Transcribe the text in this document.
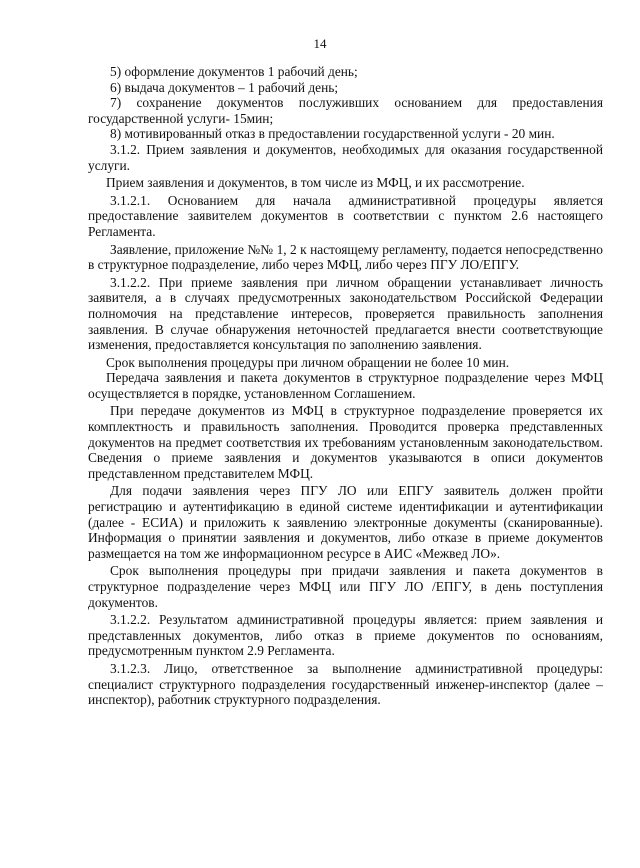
14

5) оформление документов 1 рабочий день;

6) выдача документов – 1 рабочий день;

7) сохранение документов послуживших основанием для предоставления государственной услуги- 15мин;

8) мотивированный отказ в предоставлении государственной услуги - 20 мин.

3.1.2. Прием заявления и документов, необходимых для оказания государственной услуги.

Прием заявления и документов, в том числе из МФЦ, и их рассмотрение.

3.1.2.1. Основанием для начала административной процедуры является предоставление заявителем документов в соответствии с пунктом 2.6 настоящего Регламента.

Заявление, приложение №№ 1, 2 к настоящему регламенту, подается непосредственно в структурное подразделение, либо через МФЦ, либо через ПГУ ЛО/ЕПГУ.

3.1.2.2. При приеме заявления при личном обращении устанавливает личность заявителя, а в случаях предусмотренных законодательством Российской Федерации полномочия на представление интересов, проверяется правильность заполнения заявления. В случае обнаружения неточностей предлагается внести соответствующие изменения, предоставляется консультация по заполнению заявления.

Срок выполнения процедуры при личном обращении не более 10 мин.

Передача заявления и пакета документов в структурное подразделение через МФЦ осуществляется в порядке, установленном Соглашением.

При передаче документов из МФЦ в структурное подразделение проверяется их комплектность и правильность заполнения. Проводится проверка представленных документов на предмет соответствия их требованиям установленным законодательством. Сведения о приеме заявления и документов указываются в описи документов представленном представителем МФЦ.

Для подачи заявления через ПГУ ЛО или ЕПГУ заявитель должен пройти регистрацию и аутентификацию в единой системе идентификации и аутентификации (далее - ЕСИА) и приложить к заявлению электронные документы (сканированные). Информация о принятии заявления и документов, либо отказе в приеме документов размещается на том же информационном ресурсе в АИС «Межвед ЛО».

Срок выполнения процедуры при придачи заявления и пакета документов в структурное подразделение через МФЦ или ПГУ ЛО /ЕПГУ, в день поступления документов.

3.1.2.2. Результатом административной процедуры является: прием заявления и представленных документов, либо отказ в приеме документов по основаниям, предусмотренным пунктом 2.9 Регламента.

3.1.2.3. Лицо, ответственное за выполнение административной процедуры: специалист структурного подразделения государственный инженер-инспектор (далее – инспектор), работник структурного подразделения.
